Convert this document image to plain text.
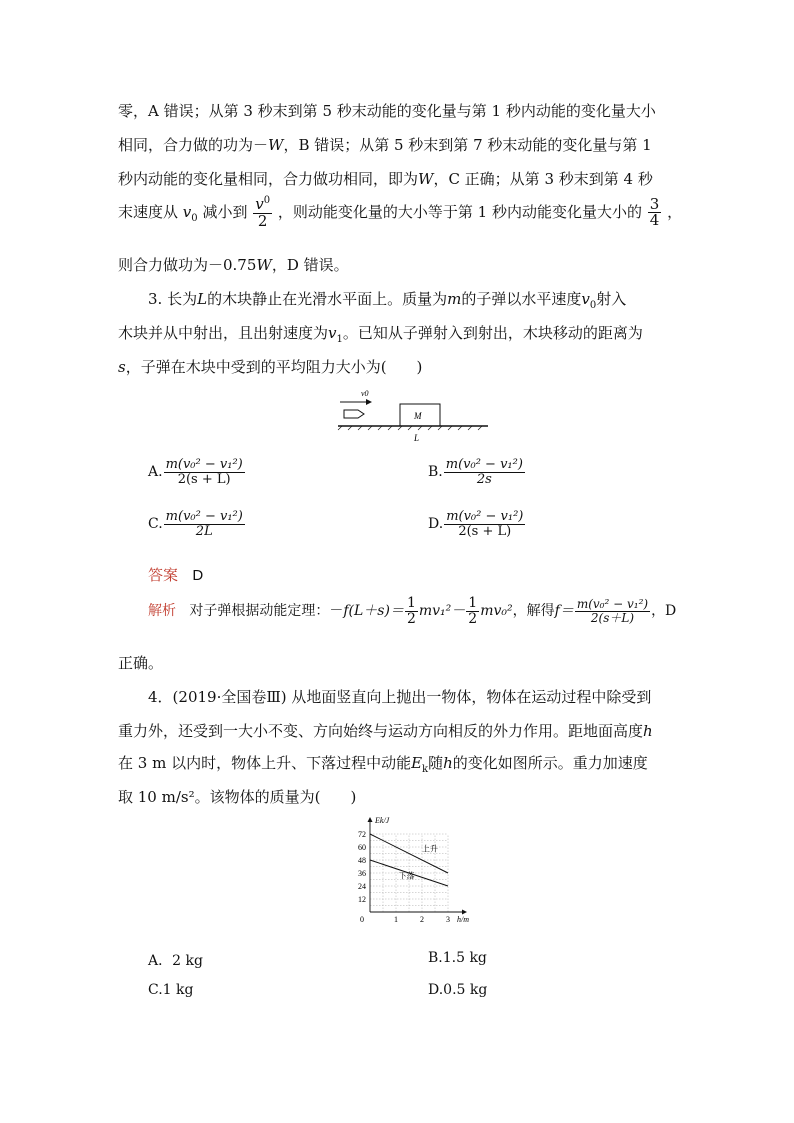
零，A 错误；从第 3 秒末到第 5 秒末动能的变化量与第 1 秒内动能的变化量大小
相同，合力做的功为－W，B 错误；从第 5 秒末到第 7 秒末动能的变化量与第 1
秒内动能的变化量相同，合力做功相同，即为W，C 正确；从第 3 秒末到第 4 秒
末速度从 $v_0$ 减小到 $\frac{v^0}{2}$ ，则动能变化量的大小等于第 1 秒内动能变化量大小的 $\frac{3}{4}$ ，
则合力做功为－0.75W，D 错误。
3. 长为L的木块静止在光滑水平面上。质量为m的子弹以水平速度$v_0$射入
木块并从中射出，且出射速度为$v_1$。已知从子弹射入到射出，木块移动的距离为
s，子弹在木块中受到的平均阻力大小为(　　)
v0
M
L
A. $\frac{\text{m(v₀² − v₁²)}}{2(s + L)}$	B. $\frac{\text{m(v₀² − v₁²)}}{2s}$
C. $\frac{\text{m(v₀² − v₁²)}}{2L}$	D. $\frac{\text{m(v₀² − v₁²)}}{2(s + L)}$
答案 D
解析 对子弹根据动能定理：$-f(L+s)= \frac{1}{2} mv_1^2- \frac{1}{2} mv_0^2$，解得$f= \frac{\text{m(v₀² − v₁²)}}{2(s+L)}$ ，D
正确。
4．(2019·全国卷Ⅲ) 从地面竖直向上抛出一物体，物体在运动过程中除受到
重力外，还受到一大小不变、方向始终与运动方向相反的外力作用。距地面高度h
在 3 m 以内时，物体上升、下落过程中动能$E_k$随h的变化如图所示。重力加速度
取 10 m/s²。该物体的质量为(　　)
12
24
36
48
60
72
1	2	3
0
Ek/J
h/m
上升
下落
A．2 kg	B.1.5 kg
C.1 kg	D.0.5 kg
